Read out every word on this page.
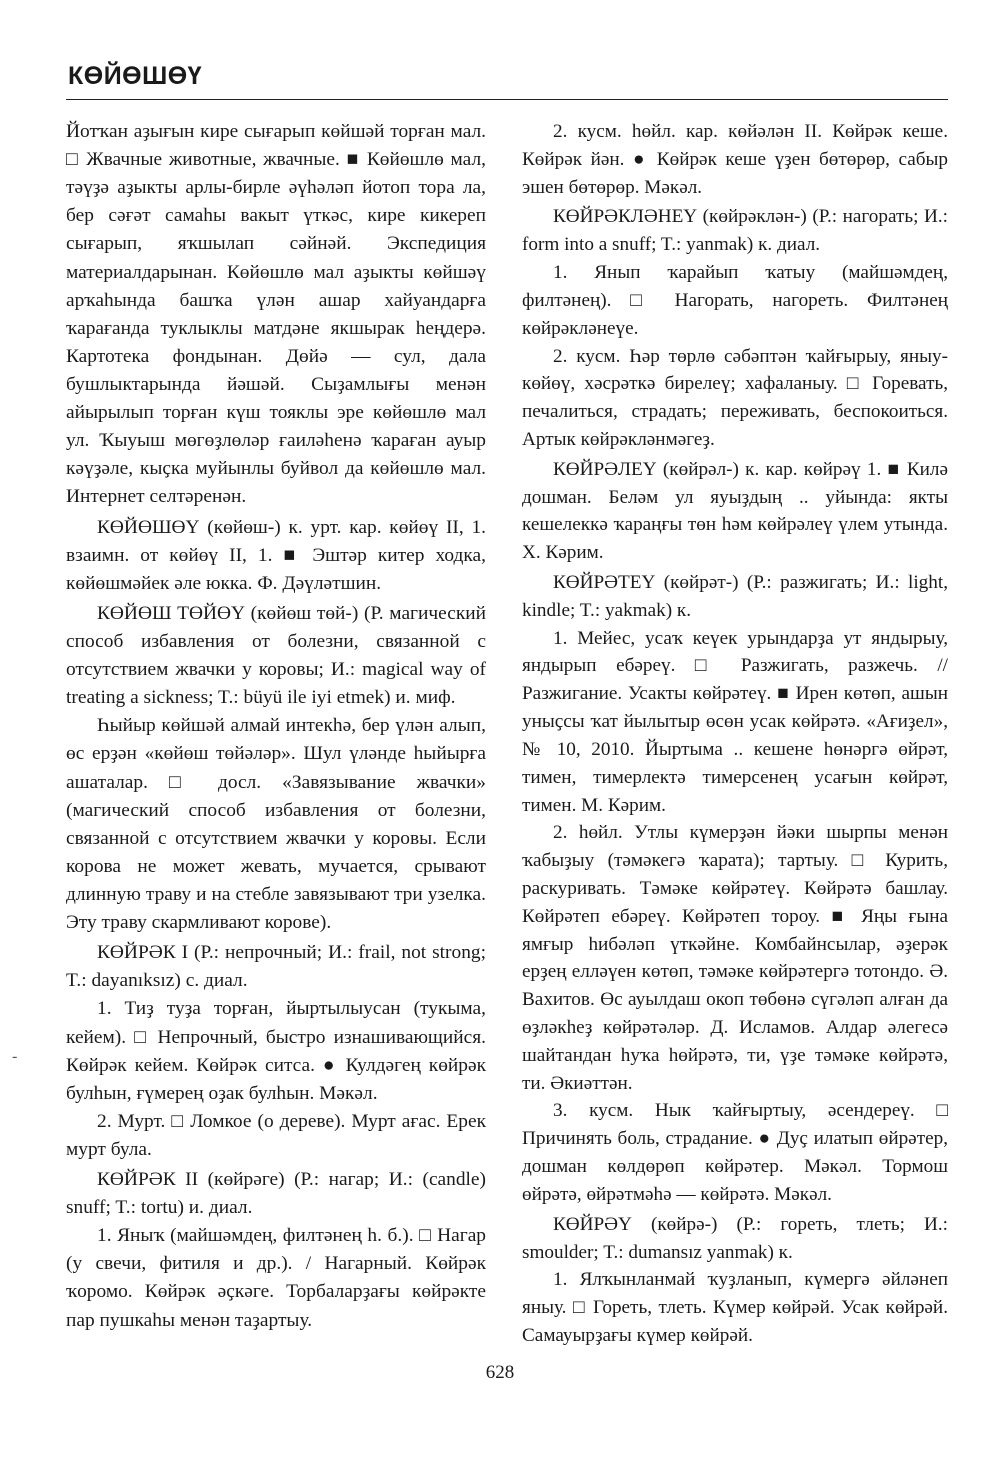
КӨЙӨШӨҮ
-

Йотҡан аҙығын кире сығарып көйшәй торған мал. □ Жвачные животные, жвачные. ■ Көйөшлө мал, тәүҙә аҙыкты арлы-бирле әүһәләп йотоп тора ла, бер сәғәт самаһы вакыт үткәс, кире кикереп сығарып, яҡшылап сәйнәй. Экспедиция материалдарынан. Көйөшлө мал аҙыкты көйшәү арҡаһында башҡа үлән ашар хайуандарға ҡарағанда туклыклы матдәне якшырак һеңдерә. Картотека фондынан. Дөйә — сул, дала бушлыктарында йәшәй. Сыҙамлығы менән айырылып торған күш тояклы эре көйөшлө мал ул. Ҡыуыш мөгөҙлөләр ғаиләһенә ҡараған ауыр кәүҙәле, кыҫка муйынлы буйвол да көйөшлө мал. Интернет селтәренән.

КӨЙӨШӨҮ (көйөш-) к. урт. кар. көйөү II, 1. взаимн. от көйөү II, 1. ■ Эштәр китер ходка, көйөшмәйек әле юкка. Ф. Дәүләтшин.

КӨЙӨШ ТӨЙӨҮ (көйөш төй-) (Р. магический способ избавления от болезни, связанной с отсутствием жвачки у коровы; И.: magical way of treating a sickness; T.: büyü ile iyi etmek) и. миф.

Һыйыр көйшәй алмай интекһә, бер үлән алып, өс ерҙән «көйөш төйәләр». Шул үләнде һыйырға ашаталар. □ досл. «Завязывание жвачки» (магический способ избавления от болезни, связанной с отсутствием жвачки у коровы. Если корова не может жевать, мучается, срывают длинную траву и на стебле завязывают три узелка. Эту траву скармливают корове).

КӨЙРӘК I (Р.: непрочный; И.: frail, not strong; T.: dayanıksız) с. диал.

1. Тиҙ туҙа торған, йыртылыусан (тукыма, кейем). □ Непрочный, быстро изнашивающийся. Көйрәк кейем. Көйрәк ситса. ● Кулдәгең көйрәк булһын, ғүмерең оҙак булһын. Мәкәл.

2. Мурт. □ Ломкое (о дереве). Мурт ағас. Ерек мурт була.

КӨЙРӘК II (көйрәге) (Р.: нагар; И.: (candle) snuff; T.: tortu) и. диал.

1. Яныҡ (майшәмдең, филтәнең һ. б.). □ Нагар (у свечи, фитиля и др.). / Нагарный. Көйрәк ҡоромо. Көйрәк әҫкәге. Торбаларҙағы көйрәкте пар пушкаһы менән таҙартыу.

2. кусм. һөйл. кар. көйәлән II. Көйрәк кеше. Көйрәк йән. ● Көйрәк кеше үҙен бөтөрөр, сабыр эшен бөтөрөр. Мәкәл.

КӨЙРӘКЛӘНЕҮ (көйрәклән-) (Р.: нагорать; И.: form into a snuff; T.: yanmak) к. диал.

1. Янып ҡарайып ҡатыу (майшәмдең, филтәнең). □ Нагорать, нагореть. Филтәнең көйрәкләнеүе.

2. кусм. Һәр төрлө сәбәптән ҡайғырыу, яныу-көйөү, хәсрәткә бирелеү; хафаланыу. □ Горевать, печалиться, страдать; переживать, беспокоиться. Артык көйрәкләнмәгеҙ.

КӨЙРӘЛЕҮ (көйрәл-) к. кар. көйрәү 1. ■ Килә дошман. Беләм ул яуыҙдың .. уйында: якты кешелеккә ҡараңғы төн һәм көйрәлеү үлем утында. Х. Кәрим.

КӨЙРӘТЕҮ (көйрәт-) (Р.: разжигать; И.: light, kindle; T.: yakmak) к.

1. Мейес, усаҡ кеүек урындарҙа ут яндырыу, яндырып ебәреү. □ Разжигать, разжечь. // Разжигание. Усакты көйрәтеү. ■ Ирен көтөп, ашын уныҫсы ҡат йылытыр өсөн усак көйрәтә. «Ағиҙел», № 10, 2010. Йыртыма .. кешене һөнәргә өйрәт, тимен, тимерлектә тимерсенең усағын көйрәт, тимен. М. Кәрим.

2. һөйл. Утлы күмерҙән йәки шырпы менән ҡабыҙыу (тәмәкегә ҡарата); тартыу. □ Курить, раскуривать. Тәмәке көйрәтеү. Көйрәтә башлау. Көйрәтеп ебәреү. Көйрәтеп тороу. ■ Яңы ғына ямғыр һибәләп үткәйне. Комбайнсылар, әҙерәк ерҙең елләүен көтөп, тәмәке көйрәтергә тотондо. Ә. Вахитов. Өс ауылдаш окоп төбөнә сүгәләп алған да өҙләкһеҙ көйрәтәләр. Д. Исламов. Алдар әлегесә шайтандан һуҡа һөйрәтә, ти, үҙе тәмәке көйрәтә, ти. Әкиәттән.

3. кусм. Нык ҡайғыртыу, әсендереү. □ Причинять боль, страдание. ● Дуҫ илатып өйрәтер, дошман көлдөрөп көйрәтер. Мәкәл. Тормош өйрәтә, өйрәтмәһә — көйрәтә. Мәкәл.

КӨЙРӘҮ (көйрә-) (Р.: гореть, тлеть; И.: smoulder; T.: dumansız yanmak) к.

1. Ялҡынланмай ҡуҙланып, күмергә әйләнеп яныу. □ Гореть, тлеть. Күмер көйрәй. Усак көйрәй. Самауырҙағы күмер көйрәй.

628
